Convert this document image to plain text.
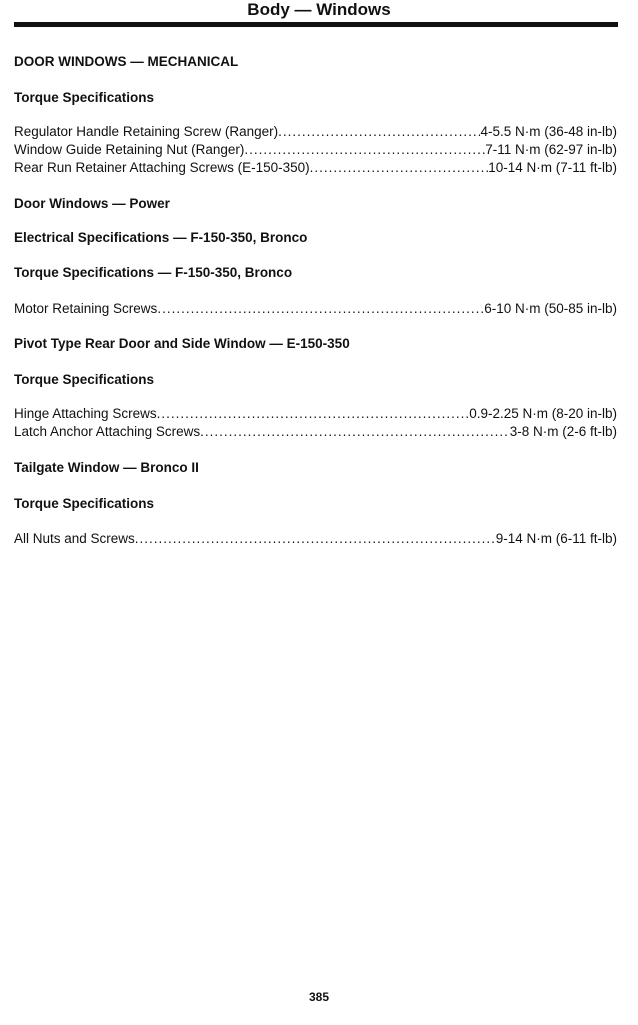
Body — Windows
DOOR WINDOWS — MECHANICAL
Torque Specifications
Regulator Handle Retaining Screw (Ranger) .....	4-5.5 N·m (36-48 in-lb)
Window Guide Retaining Nut (Ranger) .....	7-11 N·m (62-97 in-lb)
Rear Run Retainer Attaching Screws (E-150-350) .....	10-14 N·m (7-11 ft-lb)
Door Windows — Power
Electrical Specifications — F-150-350, Bronco
Torque Specifications — F-150-350, Bronco
Motor Retaining Screws .....	6-10 N·m (50-85 in-lb)
Pivot Type Rear Door and Side Window — E-150-350
Torque Specifications
Hinge Attaching Screws .....	0.9-2.25 N·m (8-20 in-lb)
Latch Anchor Attaching Screws .....	3-8 N·m (2-6 ft-lb)
Tailgate Window — Bronco II
Torque Specifications
All Nuts and Screws .....	9-14 N·m (6-11 ft-lb)
385
